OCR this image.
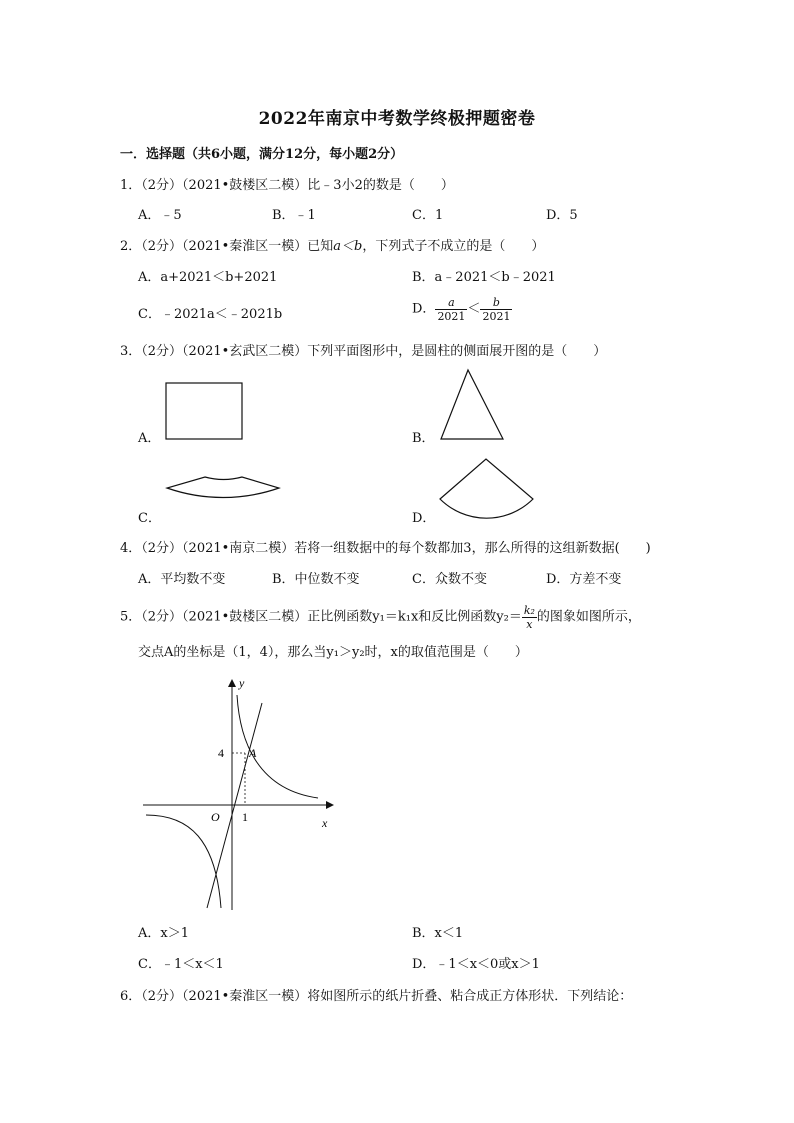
2022年南京中考数学终极押题密卷
一．选择题（共6小题，满分12分，每小题2分）
1．（2分）（2021•鼓楼区二模）比﹣3小2的数是（　　）
A．﹣5	B．﹣1	C．1	D．5
2．（2分）（2021•秦淮区一模）已知a＜b，下列式子不成立的是（　　）
A．a+2021＜b+2021	B．a﹣2021＜b﹣2021
C．﹣2021a＜﹣2021b	D． $\frac{a}{2021} < \frac{b}{2021}$
3．（2分）（2021•玄武区二模）下列平面图形中，是圆柱的侧面展开图的是（　　）
A．	B．
C．	D．
4．（2分）（2021•南京二模）若将一组数据中的每个数都加3，那么所得的这组新数据(　　)
A．平均数不变	B．中位数不变	C．众数不变	D．方差不变
5．（2分）（2021•鼓楼区二模）正比例函数y₁＝k₁x和反比例函数$y_2= \frac{\text{k₂}}{x}$ 的图象如图所示，
交点A的坐标是（1，4），那么当y₁＞y₂时，x的取值范围是（　　）
y
x
O
4
1
A
A．x＞1	B．x＜1
C．﹣1＜x＜1	D．﹣1＜x＜0或x＞1
6．（2分）（2021•秦淮区一模）将如图所示的纸片折叠、粘合成正方体形状．下列结论：
